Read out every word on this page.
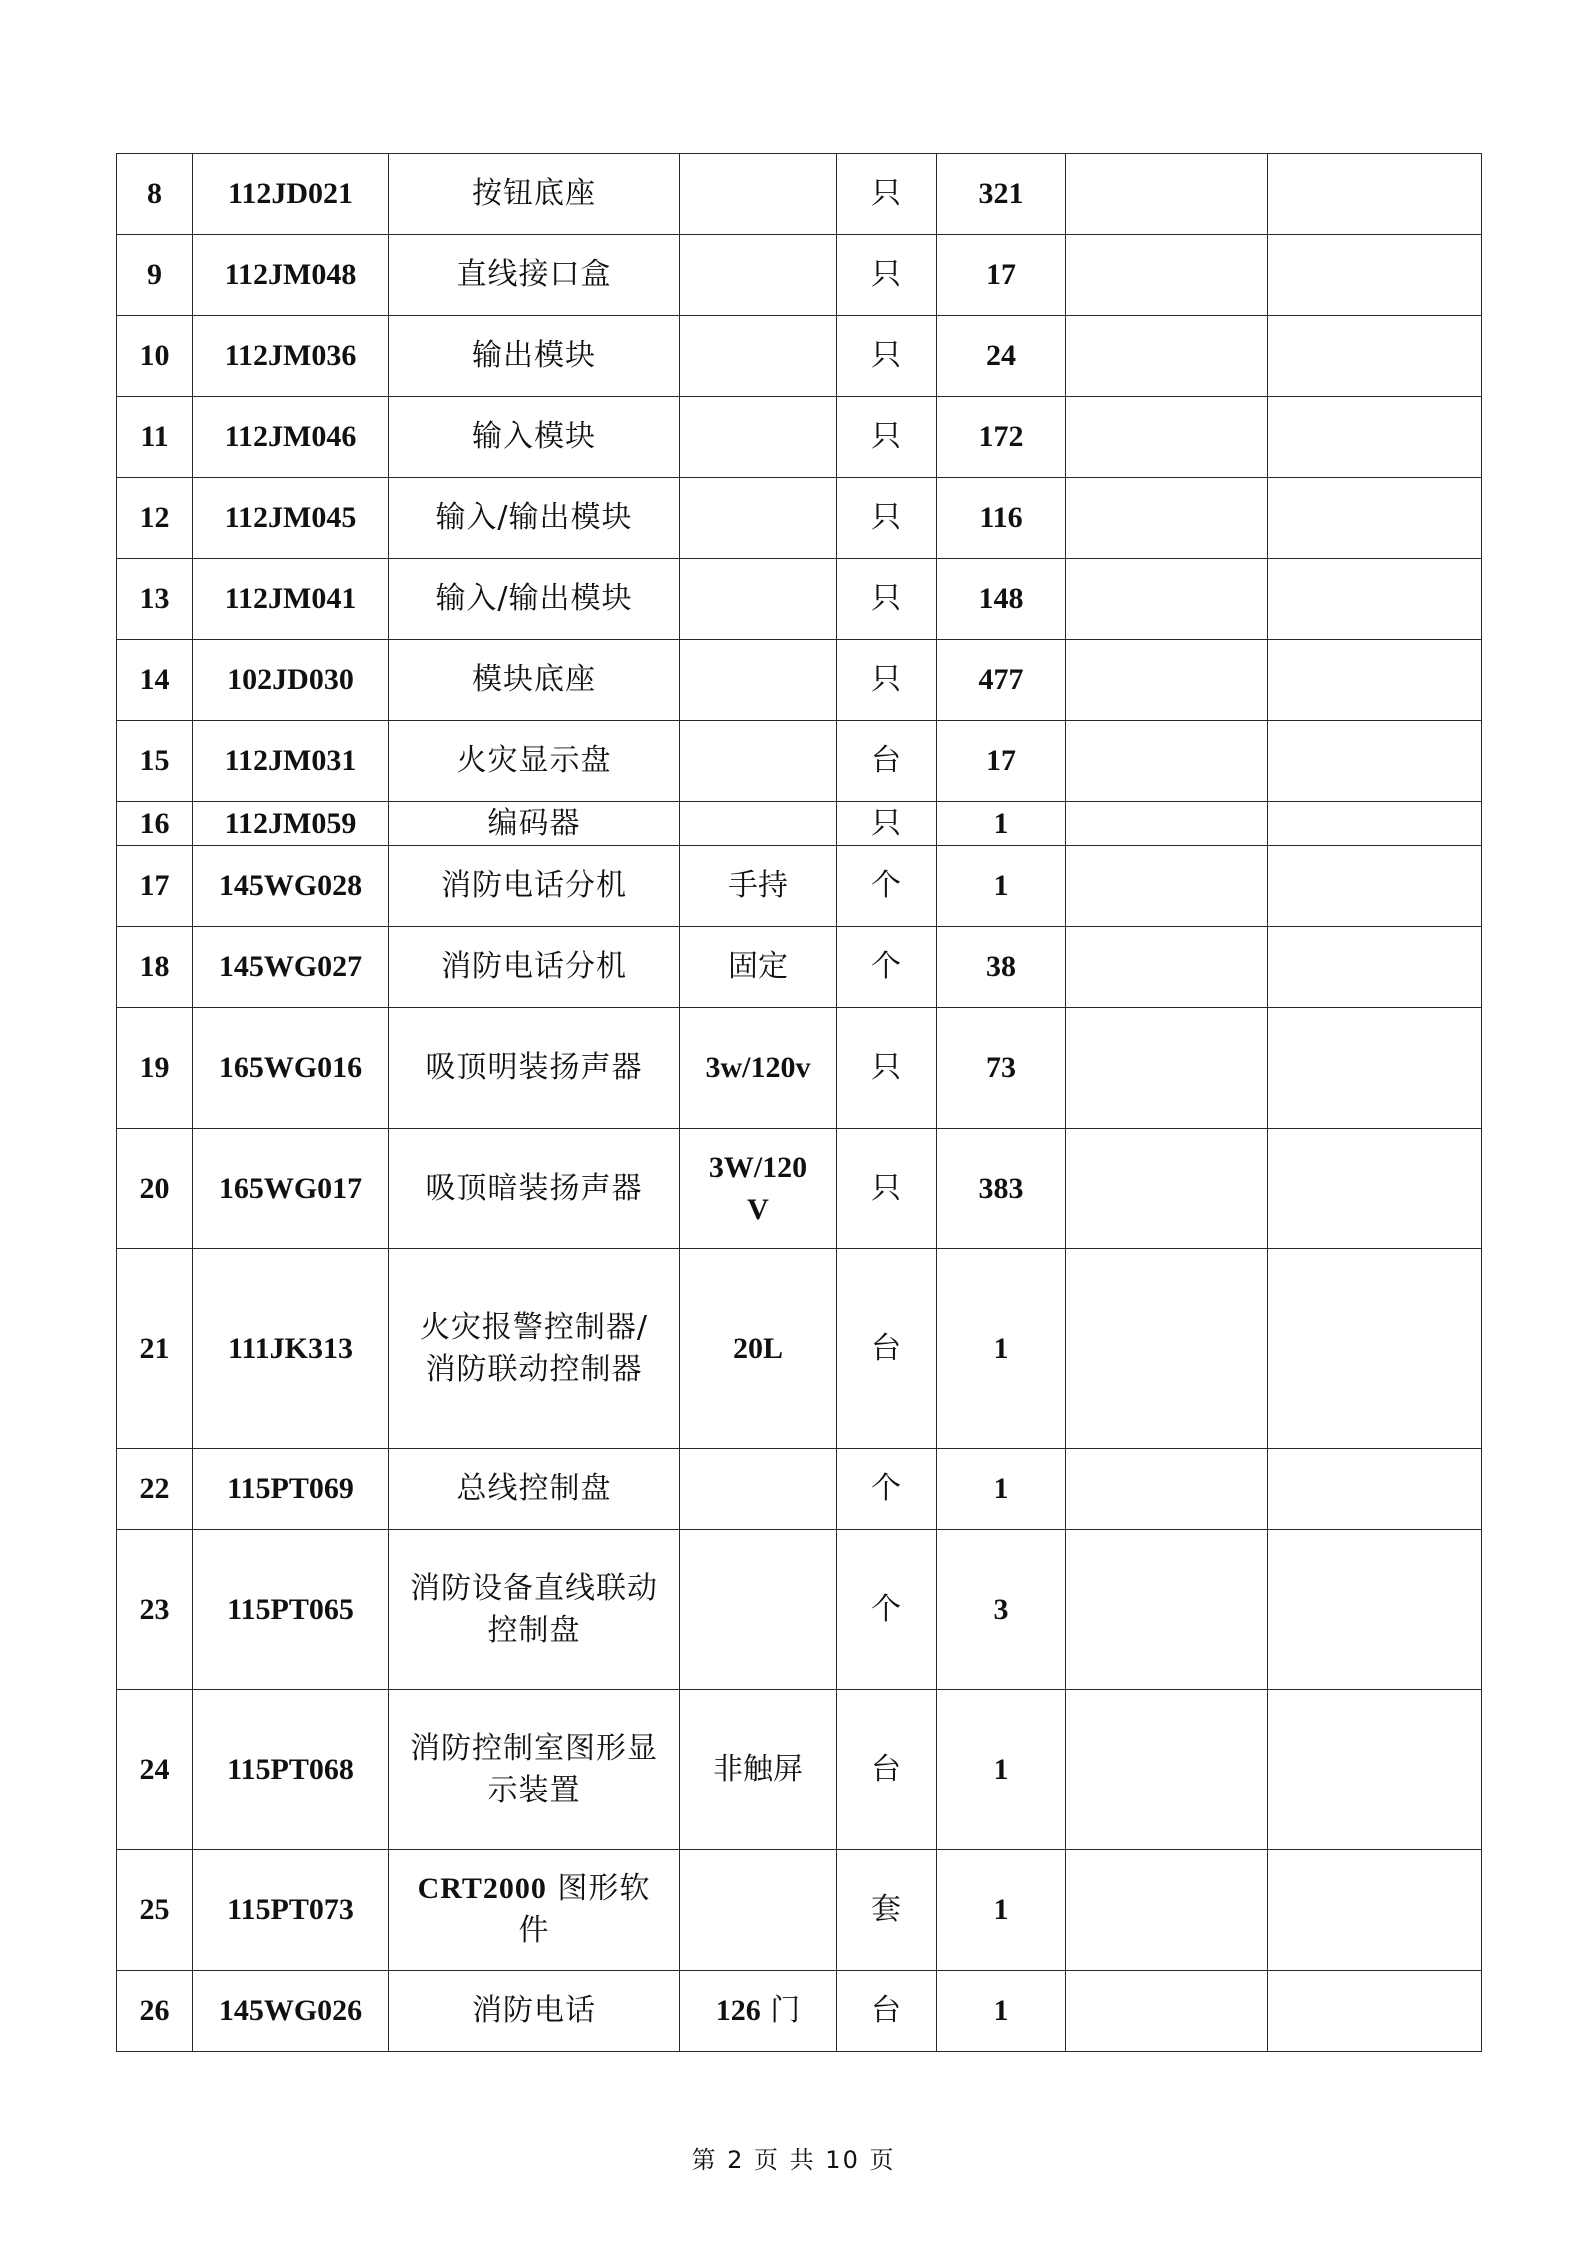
8	112JD021	按钮底座		只	321		
9	112JM048	直线接口盒		只	17		
10	112JM036	输出模块		只	24		
11	112JM046	输入模块		只	172		
12	112JM045	输入/输出模块		只	116		
13	112JM041	输入/输出模块		只	148		
14	102JD030	模块底座		只	477		
15	112JM031	火灾显示盘		台	17		
16	112JM059	编码器		只	1		
17	145WG028	消防电话分机	手持	个	1		
18	145WG027	消防电话分机	固定	个	38		
19	165WG016	吸顶明装扬声器	3w/120v	只	73		
20	165WG017	吸顶暗装扬声器	3W/120
V	只	383		
21	111JK313	火灾报警控制器/
消防联动控制器	20L	台	1		
22	115PT069	总线控制盘		个	1		
23	115PT065	消防设备直线联动
控制盘		个	3		
24	115PT068	消防控制室图形显
示装置	非触屏	台	1		
25	115PT073	CRT2000 图形软
件		套	1		
26	145WG026	消防电话	126 门	台	1		
第 2 页 共 10 页
